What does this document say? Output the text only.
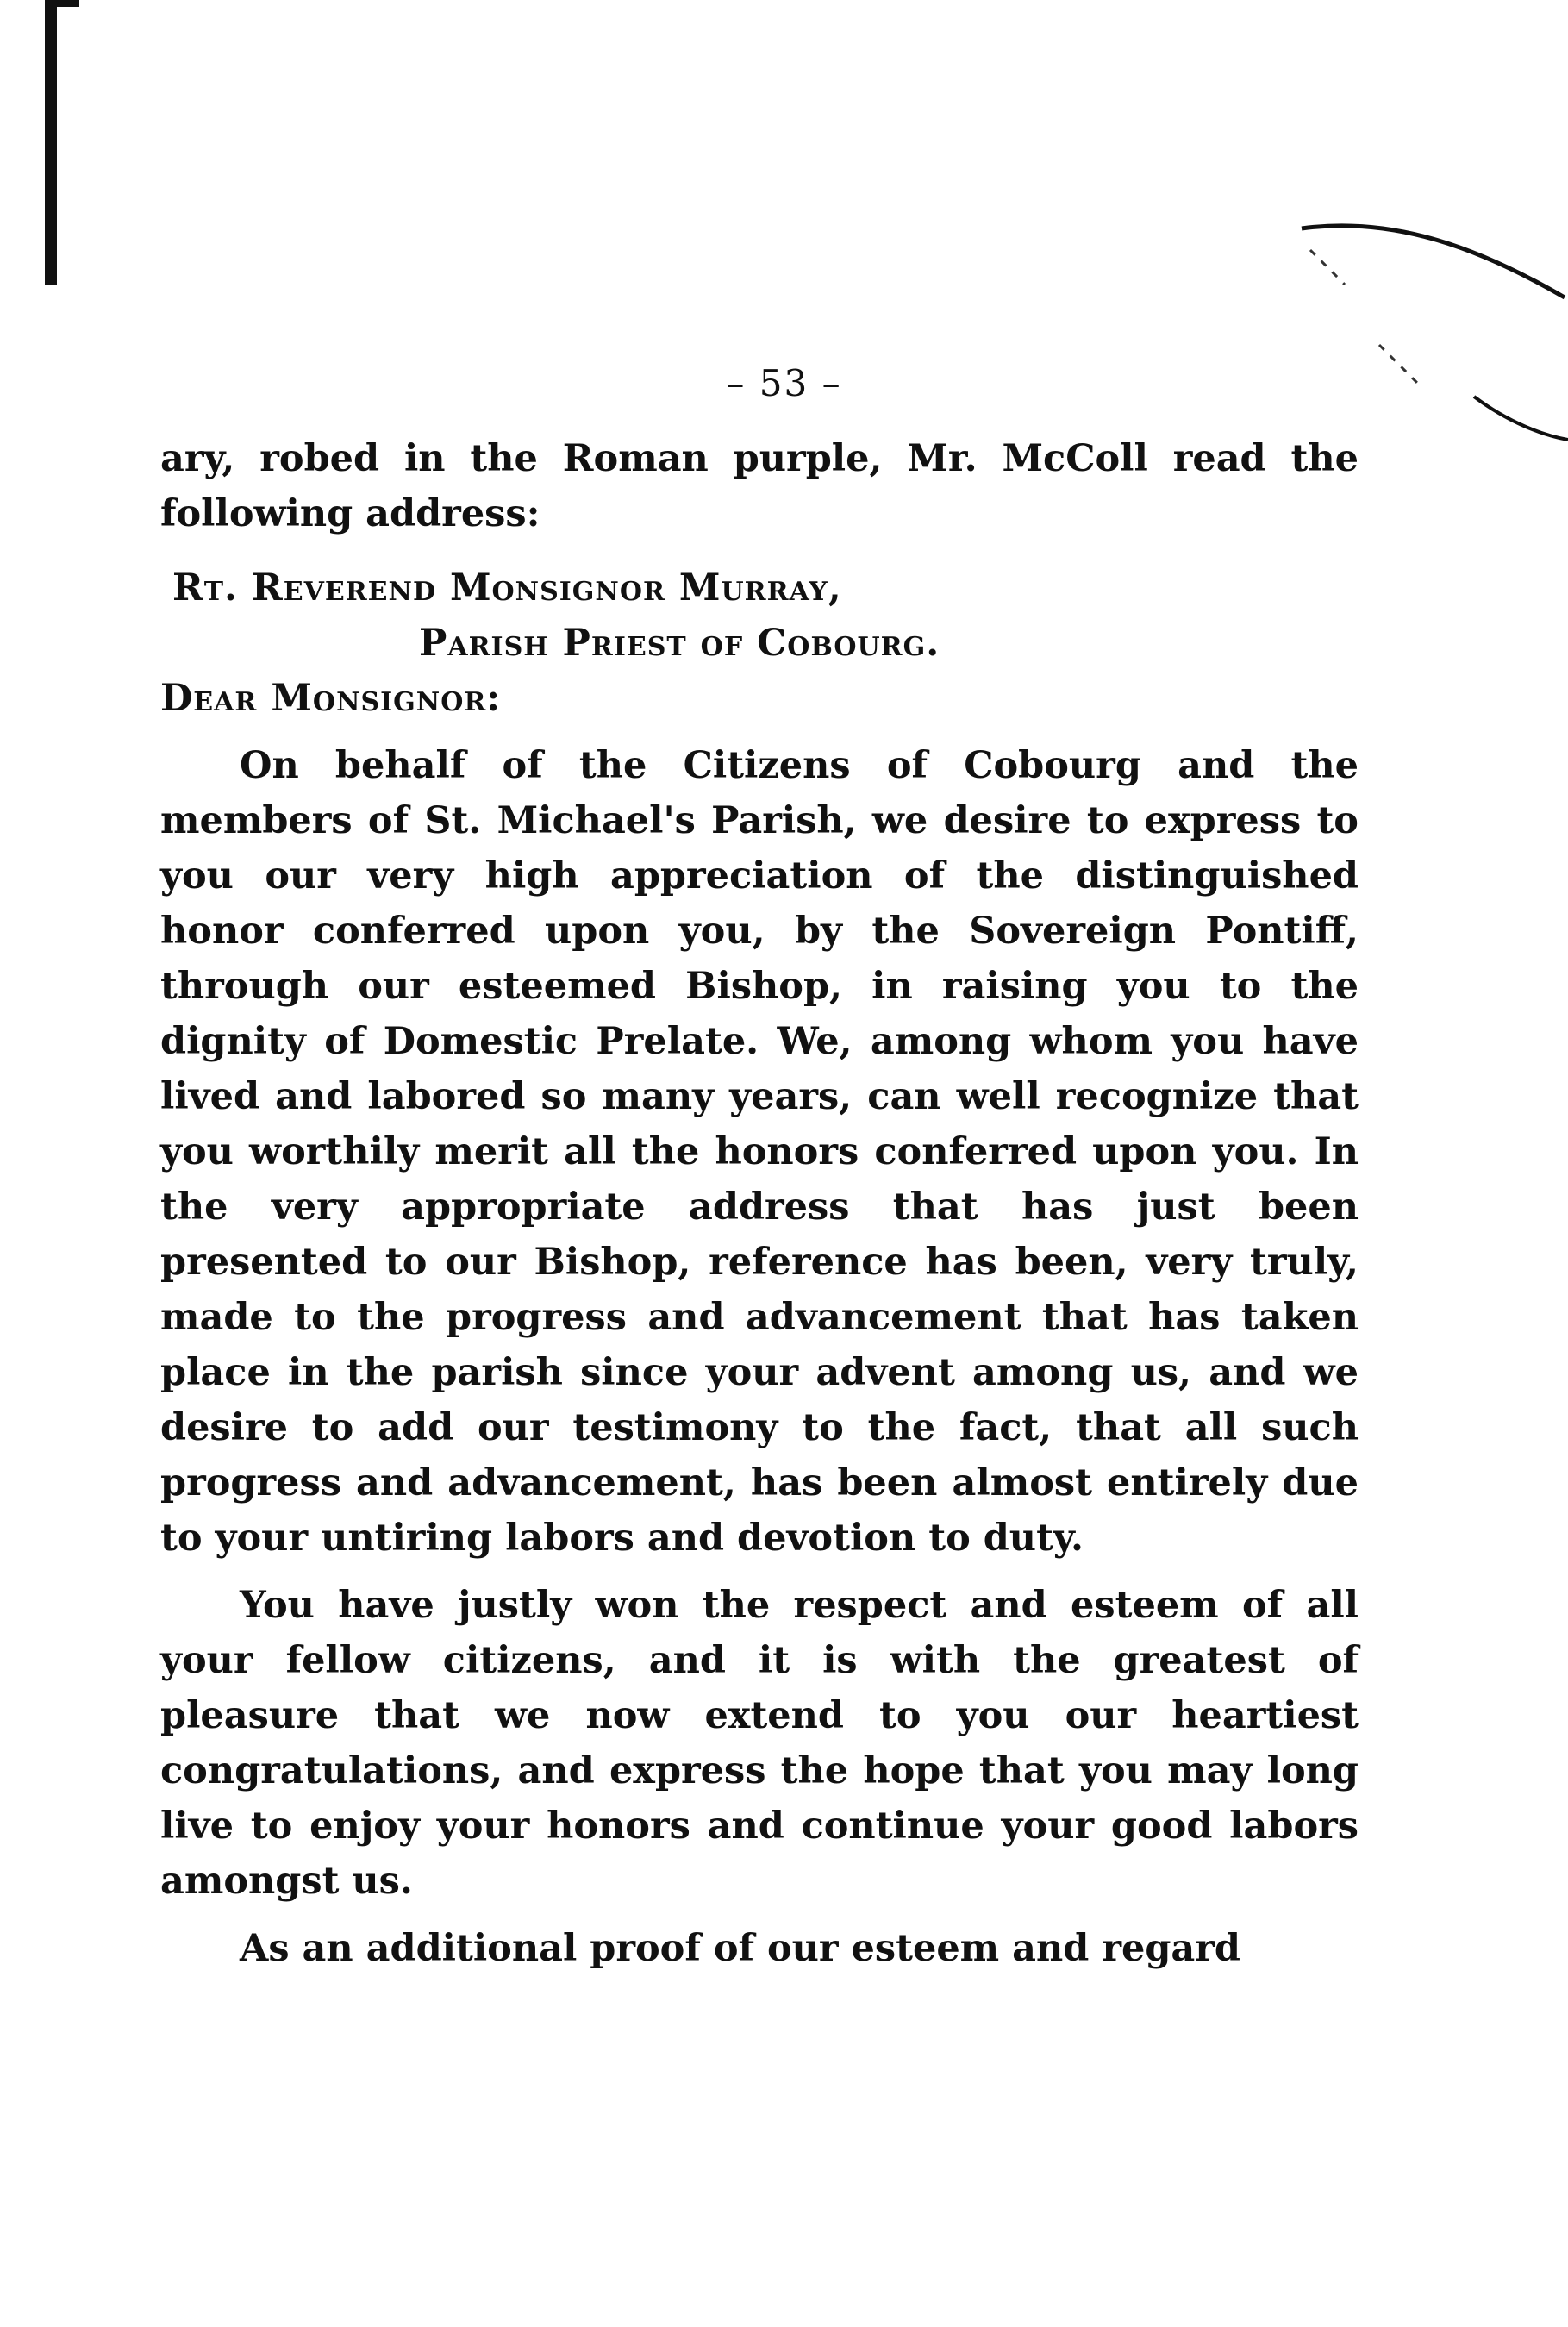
– 53 –

ary, robed in the Roman purple, Mr. McColl read the following address:

Rt. Reverend Monsignor Murray,

Parish Priest of Cobourg.

Dear Monsignor:

On behalf of the Citizens of Cobourg and the members of St. Michael's Parish, we desire to express to you our very high appreciation of the distinguished honor conferred upon you, by the Sovereign Pontiff, through our esteemed Bishop, in raising you to the dignity of Domestic Prelate. We, among whom you have lived and labored so many years, can well recognize that you worthily merit all the honors conferred upon you. In the very appropriate address that has just been presented to our Bishop, reference has been, very truly, made to the progress and advancement that has taken place in the parish since your advent among us, and we desire to add our testimony to the fact, that all such progress and advancement, has been almost entirely due to your untiring labors and devotion to duty.

You have justly won the respect and esteem of all your fellow citizens, and it is with the greatest of pleasure that we now extend to you our heartiest congratulations, and express the hope that you may long live to enjoy your honors and continue your good labors amongst us.

As an additional proof of our esteem and regard
